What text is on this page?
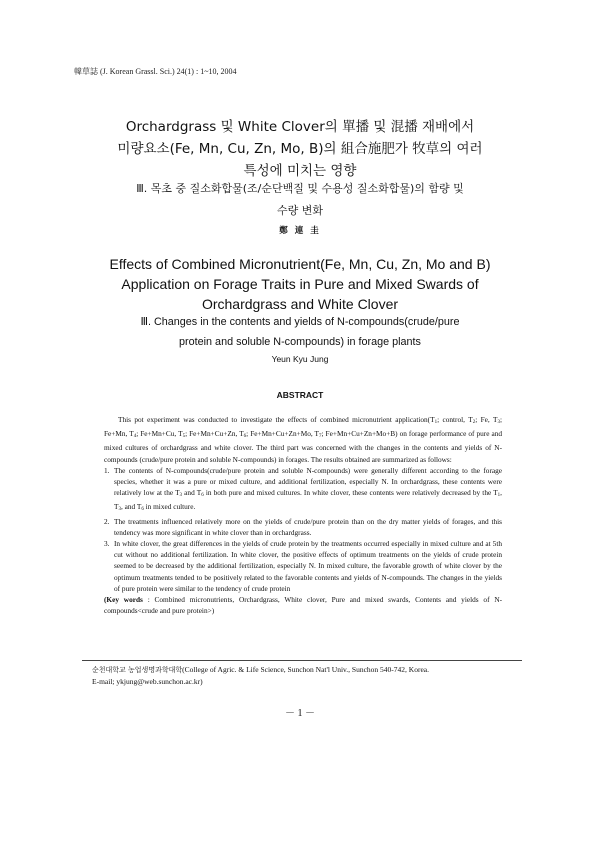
韓草誌 (J. Korean Grassl. Sci.) 24(1) : 1~10, 2004
Orchardgrass 및 White Clover의 單播 및 混播 재배에서
미량요소(Fe, Mn, Cu, Zn, Mo, B)의 組合施肥가 牧草의 여러
특성에 미치는 영향
Ⅲ. 목초 중 질소화합물(조/순단백질 및 수용성 질소화합물)의 함량 및
수량 변화
鄭 連 圭
Effects of Combined Micronutrient(Fe, Mn, Cu, Zn, Mo and B)
Application on Forage Traits in Pure and Mixed Swards of
Orchardgrass and White Clover
Ⅲ. Changes in the contents and yields of N-compounds(crude/pure
protein and soluble N-compounds) in forage plants
Yeun Kyu Jung
ABSTRACT

This pot experiment was conducted to investigate the effects of combined micronutrient $application(T_1$; control, $T_2$; Fe, $T_3$; Fe+Mn, $T_4$; Fe+Mn+Cu, $T_5$; Fe+Mn+Cu+Zn, $T_6$; Fe+Mn+Cu+Zn+Mo, $T_7$; Fe+Mn+Cu+Zn+Mo+B) on forage performance of pure and mixed cultures of orchardgrass and white clover. The third part was concerned with the changes in the contents and yields of N-compounds (crude/pure protein and soluble N-compounds) in forages. The results obtained are summarized as follows:

1. The contents of N-compounds(crude/pure protein and soluble N-compounds) were generally different according to the forage species, whether it was a pure or mixed culture, and additional fertilization, especially N. In orchardgrass, these contents were relatively low at the $T_3$ and $T_6$ in both pure and mixed cultures. In white clover, these contents were relatively decreased by the $T_1$, $T_3$, and $T_6$ in mixed culture.
2. The treatments influenced relatively more on the yields of crude/pure protein than on the dry matter yields of forages, and this tendency was more significant in white clover than in orchardgrass.
3. In white clover, the great differences in the yields of crude protein by the treatments occurred especially in mixed culture and at 5th cut without no additional fertilization. In white clover, the positive effects of optimum treatments on the yields of crude protein seemed to be decreased by the additional fertilization, especially N. In mixed culture, the favorable growth of white clover by the optimum treatments tended to be positively related to the favorable contents and yields of N-compounds. The changes in the yields of pure protein were similar to the tendency of crude protein

(Key words : Combined micronutrients, Orchardgrass, White clover, Pure and mixed swards, Contents and yields of N-compounds<crude and pure protein>)

순천대학교 농업생명과학대학(College of Agric. & Life Science, Sunchon Nat'l Univ., Sunchon 540-742, Korea.
E-mail; ykjung@web.sunchon.ac.kr)
－ 1 －
